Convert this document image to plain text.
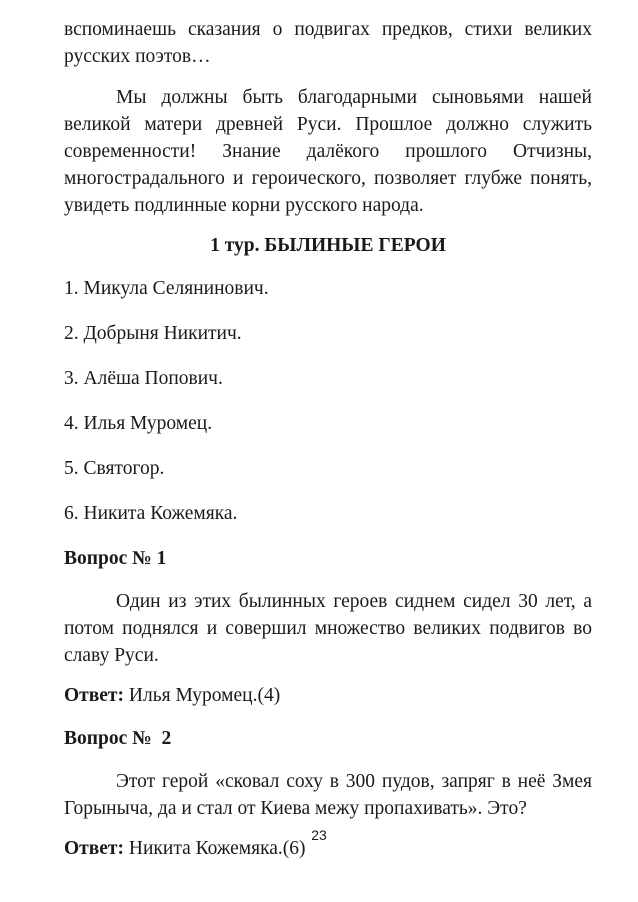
вспоминаешь сказания о подвигах предков, стихи великих русских поэтов…

Мы должны быть благодарными сыновьями нашей великой матери древней Руси. Прошлое должно служить современности! Знание далёкого прошлого Отчизны, многострадального и героического, позволяет глубже понять, увидеть подлинные корни русского народа.

1 тур. БЫЛИНЫЕ ГЕРОИ
1. Микула Селянинович.
2. Добрыня Никитич.
3. Алёша Попович.
4. Илья Муромец.
5. Святогор.
6. Никита Кожемяка.
Вопрос № 1

Один из этих былинных героев сиднем сидел 30 лет, а потом поднялся и совершил множество великих подвигов во славу Руси.

Ответ: Илья Муромец.(4)

Вопрос №  2

Этот герой «сковал соху в 300 пудов, запряг в неё Змея Горыныча, да и стал от Киева межу пропахивать». Это?

Ответ: Никита Кожемяка.(6)

23
